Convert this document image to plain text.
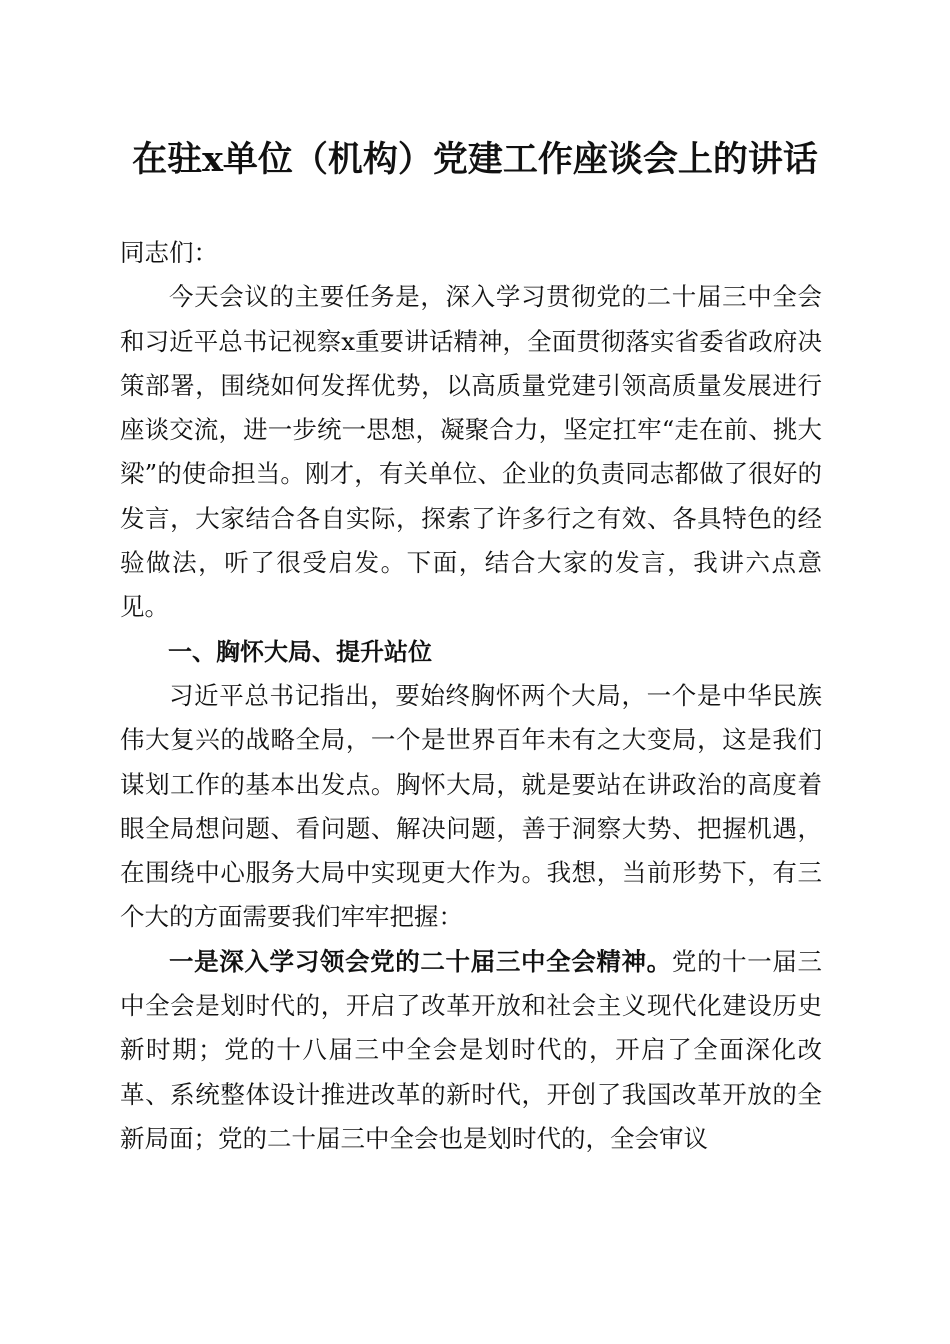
在驻x单位（机构）党建工作座谈会上的讲话

同志们：

今天会议的主要任务是，深入学习贯彻党的二十届三中全会和习近平总书记视察x重要讲话精神，全面贯彻落实省委省政府决策部署，围绕如何发挥优势，以高质量党建引领高质量发展进行座谈交流，进一步统一思想，凝聚合力，坚定扛牢“走在前、挑大梁”的使命担当。刚才，有关单位、企业的负责同志都做了很好的发言，大家结合各自实际，探索了许多行之有效、各具特色的经验做法，听了很受启发。下面，结合大家的发言，我讲六点意见。

一、胸怀大局、提升站位

习近平总书记指出，要始终胸怀两个大局，一个是中华民族伟大复兴的战略全局，一个是世界百年未有之大变局，这是我们谋划工作的基本出发点。胸怀大局，就是要站在讲政治的高度着眼全局想问题、看问题、解决问题，善于洞察大势、把握机遇，在围绕中心服务大局中实现更大作为。我想，当前形势下，有三个大的方面需要我们牢牢把握：

一是深入学习领会党的二十届三中全会精神。党的十一届三中全会是划时代的，开启了改革开放和社会主义现代化建设历史新时期；党的十八届三中全会是划时代的，开启了全面深化改革、系统整体设计推进改革的新时代，开创了我国改革开放的全新局面；党的二十届三中全会也是划时代的，全会审议
